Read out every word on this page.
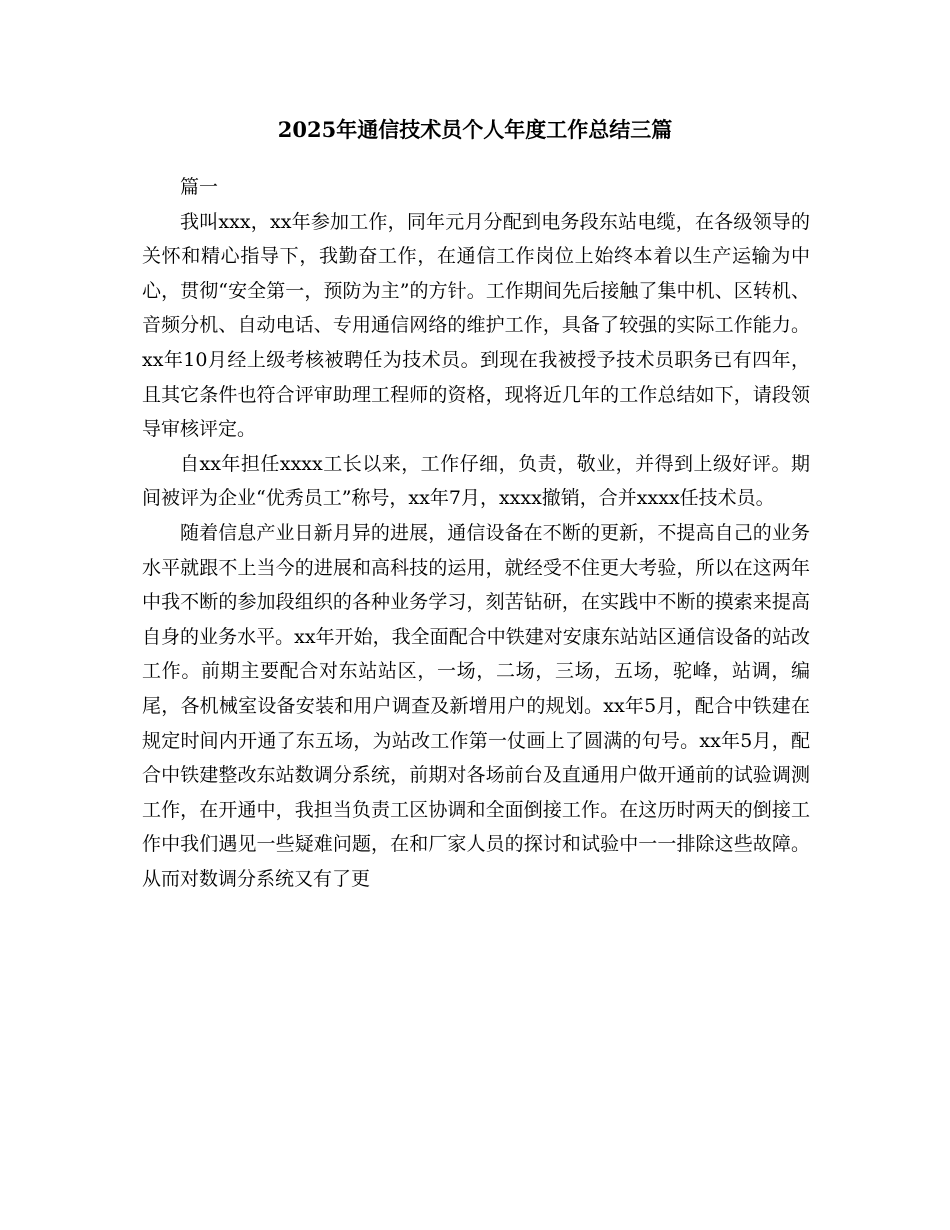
2025年通信技术员个人年度工作总结三篇

篇一

我叫xxx，xx年参加工作，同年元月分配到电务段东站电缆，在各级领导的关怀和精心指导下，我勤奋工作，在通信工作岗位上始终本着以生产运输为中心，贯彻“安全第一，预防为主”的方针。工作期间先后接触了集中机、区转机、音频分机、自动电话、专用通信网络的维护工作，具备了较强的实际工作能力。xx年10月经上级考核被聘任为技术员。到现在我被授予技术员职务已有四年，且其它条件也符合评审助理工程师的资格，现将近几年的工作总结如下，请段领导审核评定。

自xx年担任xxxx工长以来，工作仔细，负责，敬业，并得到上级好评。期间被评为企业“优秀员工”称号，xx年7月，xxxx撤销，合并xxxx任技术员。

随着信息产业日新月异的进展，通信设备在不断的更新，不提高自己的业务水平就跟不上当今的进展和高科技的运用，就经受不住更大考验，所以在这两年中我不断的参加段组织的各种业务学习，刻苦钻研，在实践中不断的摸索来提高自身的业务水平。xx年开始，我全面配合中铁建对安康东站站区通信设备的站改工作。前期主要配合对东站站区，一场，二场，三场，五场，驼峰，站调，编尾，各机械室设备安装和用户调查及新增用户的规划。xx年5月，配合中铁建在规定时间内开通了东五场，为站改工作第一仗画上了圆满的句号。xx年5月，配合中铁建整改东站数调分系统，前期对各场前台及直通用户做开通前的试验调测工作，在开通中，我担当负责工区协调和全面倒接工作。在这历时两天的倒接工作中我们遇见一些疑难问题，在和厂家人员的探讨和试验中一一排除这些故障。从而对数调分系统又有了更
